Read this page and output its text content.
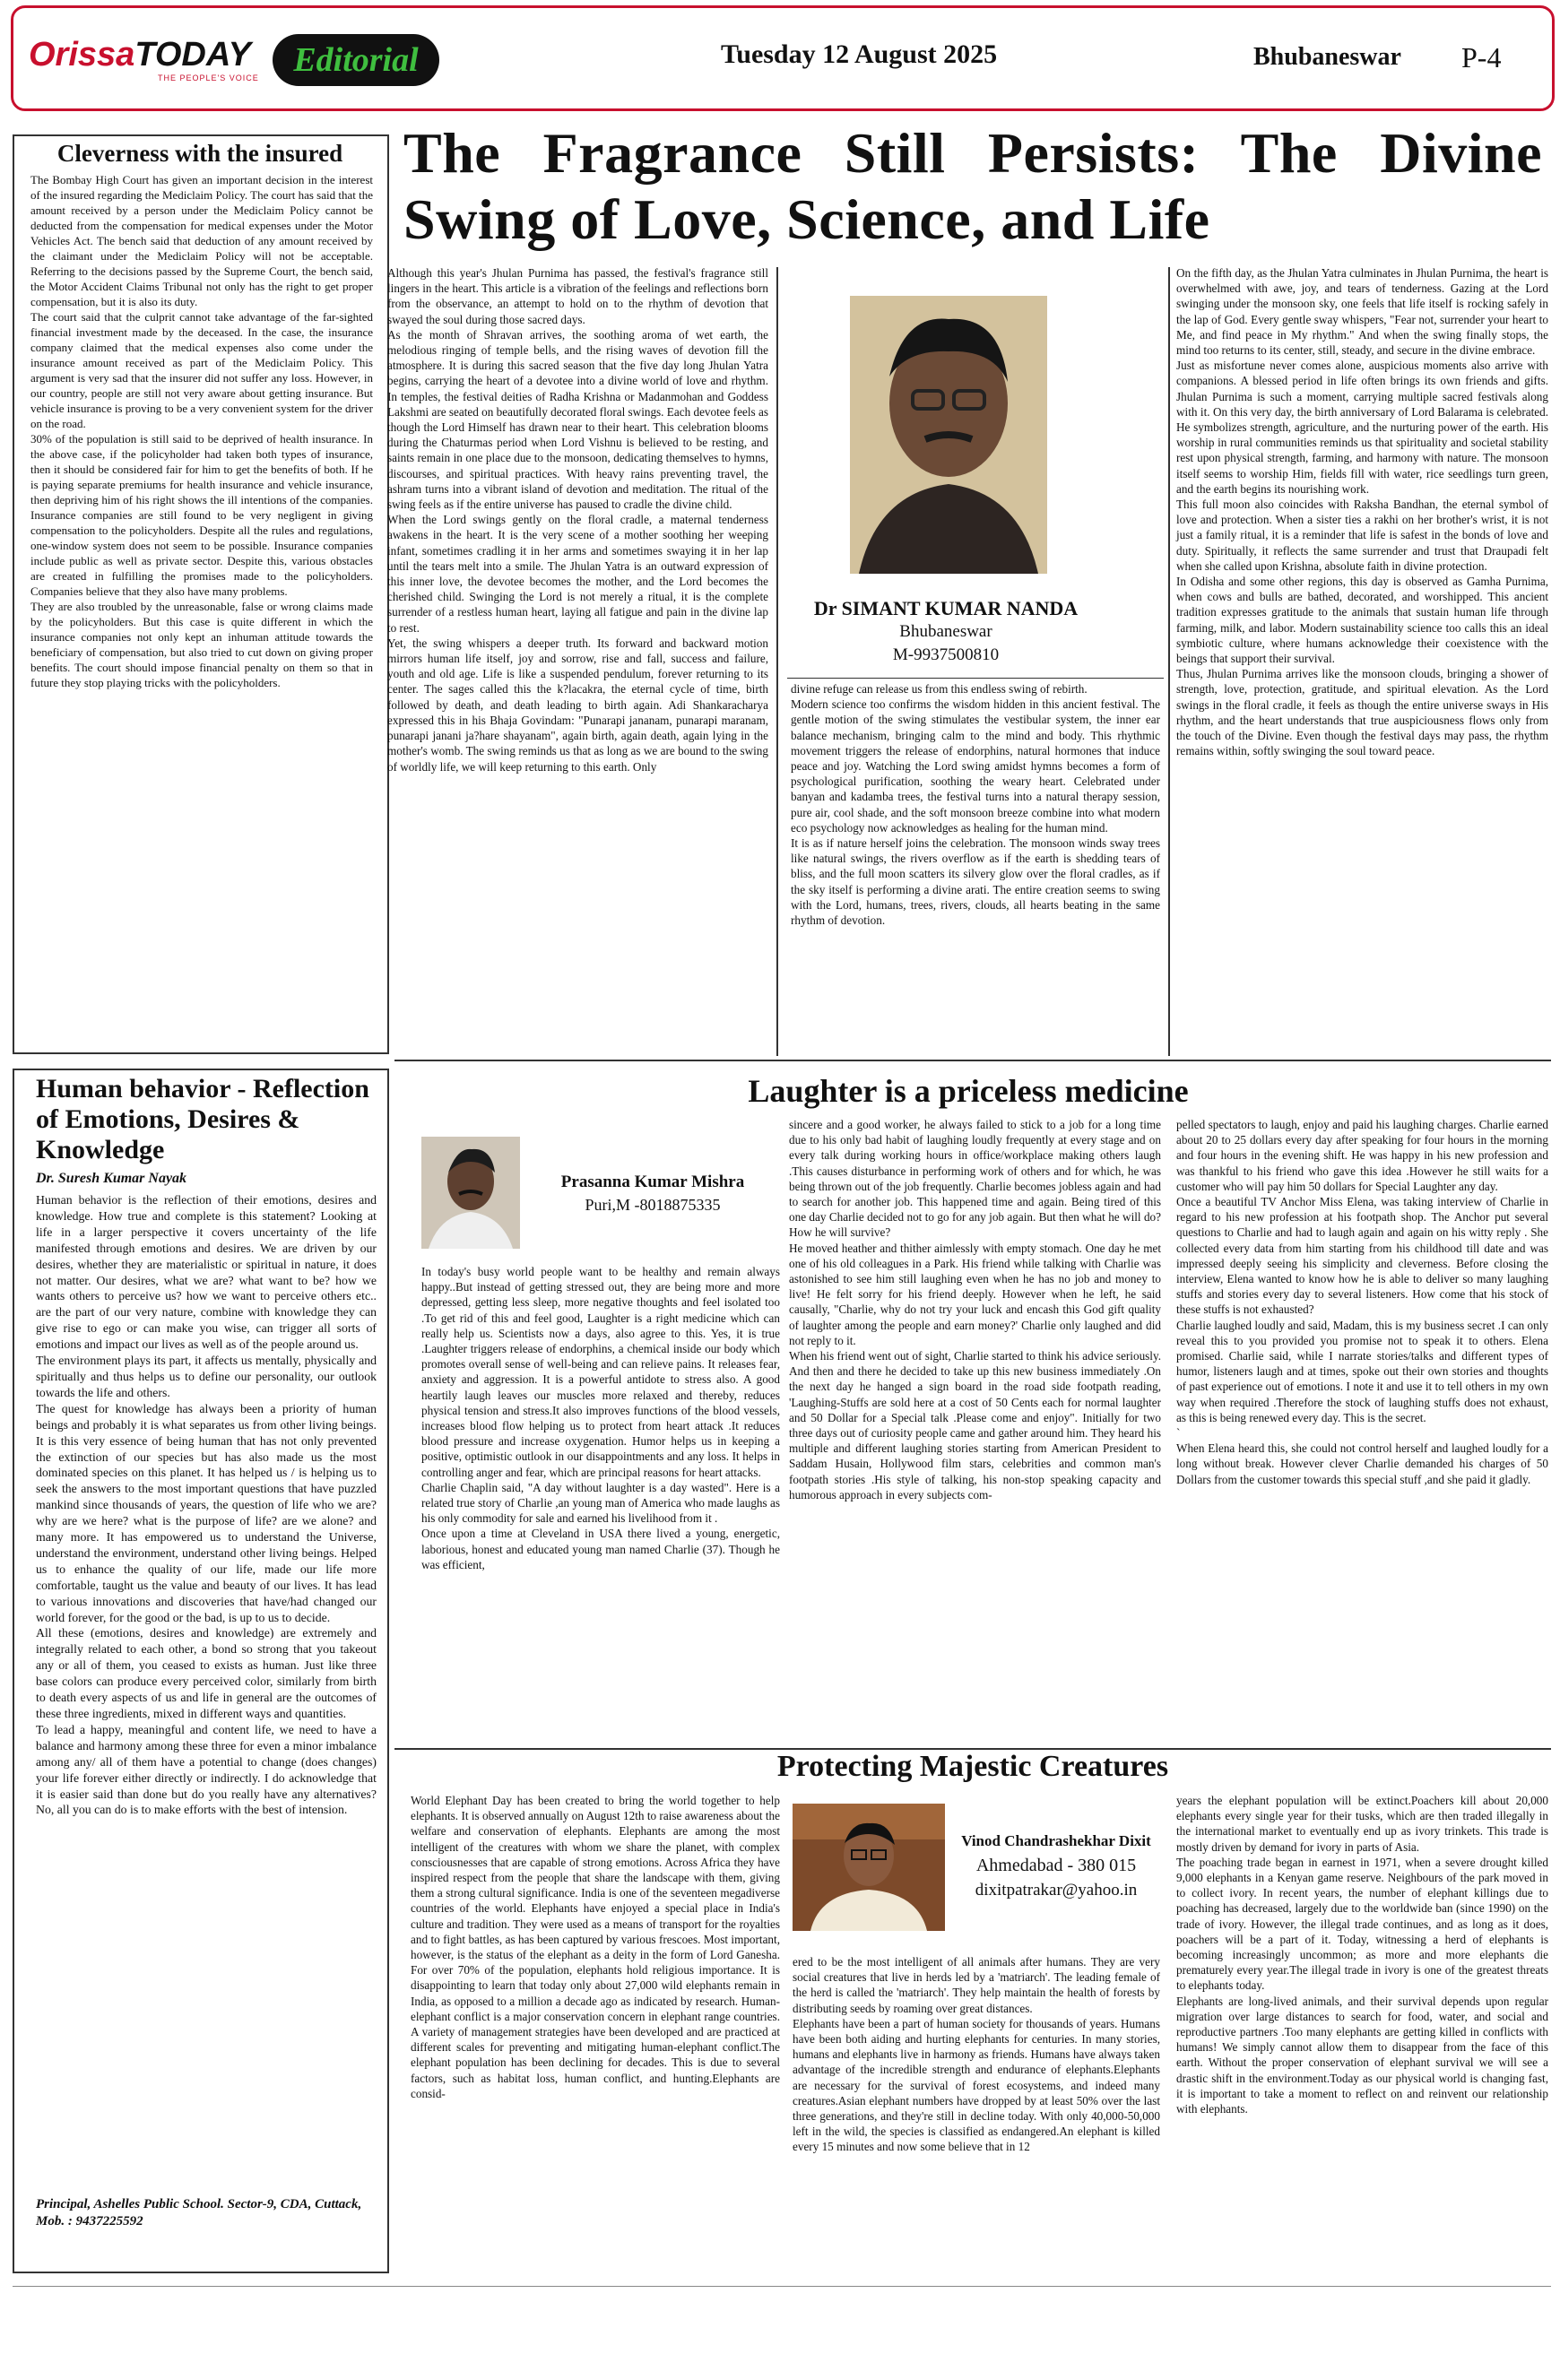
OrissaTODAY
THE PEOPLE'S VOICE	Editorial	Tuesday 12 August 2025	Bhubaneswar P-4
Cleverness with the insured
The Bombay High Court has given an important decision in the interest of the insured regarding the Mediclaim Policy. The court has said that the amount received by a person under the Mediclaim Policy cannot be deducted from the compensation for medical expenses under the Motor Vehicles Act. The bench said that deduction of any amount received by the claimant under the Mediclaim Policy will not be acceptable. Referring to the decisions passed by the Supreme Court, the bench said, the Motor Accident Claims Tribunal not only has the right to get proper compensation, but it is also its duty.
The court said that the culprit cannot take advantage of the far-sighted financial investment made by the deceased. In the case, the insurance company claimed that the medical expenses also come under the insurance amount received as part of the Mediclaim Policy. This argument is very sad that the insurer did not suffer any loss. However, in our country, people are still not very aware about getting insurance. But vehicle insurance is proving to be a very convenient system for the driver on the road.
30% of the population is still said to be deprived of health insurance. In the above case, if the policyholder had taken both types of insurance, then it should be considered fair for him to get the benefits of both. If he is paying separate premiums for health insurance and vehicle insurance, then depriving him of his right shows the ill intentions of the companies. Insurance companies are still found to be very negligent in giving compensation to the policyholders. Despite all the rules and regulations, one-window system does not seem to be possible. Insurance companies include public as well as private sector. Despite this, various obstacles are created in fulfilling the promises made to the policyholders. Companies believe that they also have many problems.
They are also troubled by the unreasonable, false or wrong claims made by the policyholders. But this case is quite different in which the insurance companies not only kept an inhuman attitude towards the beneficiary of compensation, but also tried to cut down on giving proper benefits. The court should impose financial penalty on them so that in future they stop playing tricks with the policyholders.
The Fragrance Still Persists: The Divine Swing of Love, Science, and Life
Although this year's Jhulan Purnima has passed, the festival's fragrance still lingers in the heart. This article is a vibration of the feelings and reflections born from the observance, an attempt to hold on to the rhythm of devotion that swayed the soul during those sacred days.
As the month of Shravan arrives, the soothing aroma of wet earth, the melodious ringing of temple bells, and the rising waves of devotion fill the atmosphere. It is during this sacred season that the five day long Jhulan Yatra begins, carrying the heart of a devotee into a divine world of love and rhythm. In temples, the festival deities of Radha Krishna or Madanmohan and Goddess Lakshmi are seated on beautifully decorated floral swings. Each devotee feels as though the Lord Himself has drawn near to their heart. This celebration blooms during the Chaturmas period when Lord Vishnu is believed to be resting, and saints remain in one place due to the monsoon, dedicating themselves to hymns, discourses, and spiritual practices. With heavy rains preventing travel, the ashram turns into a vibrant island of devotion and meditation. The ritual of the swing feels as if the entire universe has paused to cradle the divine child.
When the Lord swings gently on the floral cradle, a maternal tenderness awakens in the heart. It is the very scene of a mother soothing her weeping infant, sometimes cradling it in her arms and sometimes swaying it in her lap until the tears melt into a smile. The Jhulan Yatra is an outward expression of this inner love, the devotee becomes the mother, and the Lord becomes the cherished child. Swinging the Lord is not merely a ritual, it is the complete surrender of a restless human heart, laying all fatigue and pain in the divine lap to rest.
Yet, the swing whispers a deeper truth. Its forward and backward motion mirrors human life itself, joy and sorrow, rise and fall, success and failure, youth and old age. Life is like a suspended pendulum, forever returning to its center. The sages called this the k?lacakra, the eternal cycle of time, birth followed by death, and death leading to birth again. Adi Shankaracharya expressed this in his Bhaja Govindam: "Punarapi jananam, punarapi maranam, punarapi janani ja?hare shayanam", again birth, again death, again lying in the mother's womb. The swing reminds us that as long as we are bound to the swing of worldly life, we will keep returning to this earth. Only
Dr SIMANT KUMAR NANDA
Bhubaneswar
M-9937500810
divine refuge can release us from this endless swing of rebirth.
Modern science too confirms the wisdom hidden in this ancient festival. The gentle motion of the swing stimulates the vestibular system, the inner ear balance mechanism, bringing calm to the mind and body. This rhythmic movement triggers the release of endorphins, natural hormones that induce peace and joy. Watching the Lord swing amidst hymns becomes a form of psychological purification, soothing the weary heart. Celebrated under banyan and kadamba trees, the festival turns into a natural therapy session, pure air, cool shade, and the soft monsoon breeze combine into what modern eco psychology now acknowledges as healing for the human mind.
It is as if nature herself joins the celebration. The monsoon winds sway trees like natural swings, the rivers overflow as if the earth is shedding tears of bliss, and the full moon scatters its silvery glow over the floral cradles, as if the sky itself is performing a divine arati. The entire creation seems to swing with the Lord, humans, trees, rivers, clouds, all hearts beating in the same rhythm of devotion.
On the fifth day, as the Jhulan Yatra culminates in Jhulan Purnima, the heart is overwhelmed with awe, joy, and tears of tenderness. Gazing at the Lord swinging under the monsoon sky, one feels that life itself is rocking safely in the lap of God. Every gentle sway whispers, "Fear not, surrender your heart to Me, and find peace in My rhythm." And when the swing finally stops, the mind too returns to its center, still, steady, and secure in the divine embrace.
Just as misfortune never comes alone, auspicious moments also arrive with companions. A blessed period in life often brings its own friends and gifts. Jhulan Purnima is such a moment, carrying multiple sacred festivals along with it. On this very day, the birth anniversary of Lord Balarama is celebrated. He symbolizes strength, agriculture, and the nurturing power of the earth. His worship in rural communities reminds us that spirituality and societal stability rest upon physical strength, farming, and harmony with nature. The monsoon itself seems to worship Him, fields fill with water, rice seedlings turn green, and the earth begins its nourishing work.
This full moon also coincides with Raksha Bandhan, the eternal symbol of love and protection. When a sister ties a rakhi on her brother's wrist, it is not just a family ritual, it is a reminder that life is safest in the bonds of love and duty. Spiritually, it reflects the same surrender and trust that Draupadi felt when she called upon Krishna, absolute faith in divine protection.
In Odisha and some other regions, this day is observed as Gamha Purnima, when cows and bulls are bathed, decorated, and worshipped. This ancient tradition expresses gratitude to the animals that sustain human life through farming, milk, and labor. Modern sustainability science too calls this an ideal symbiotic culture, where humans acknowledge their coexistence with the beings that support their survival.
Thus, Jhulan Purnima arrives like the monsoon clouds, bringing a shower of strength, love, protection, gratitude, and spiritual elevation. As the Lord swings in the floral cradle, it feels as though the entire universe sways in His rhythm, and the heart understands that true auspiciousness flows only from the touch of the Divine. Even though the festival days may pass, the rhythm remains within, softly swinging the soul toward peace.
Human behavior - Reflection of Emotions, Desires & Knowledge
Dr. Suresh Kumar Nayak
Human behavior is the reflection of their emotions, desires and knowledge. How true and complete is this statement? Looking at life in a larger perspective it covers uncertainty of the life manifested through emotions and desires. We are driven by our desires, whether they are materialistic or spiritual in nature, it does not matter. Our desires, what we are? what want to be? how we wants others to perceive us? how we want to perceive others etc.. are the part of our very nature, combine with knowledge they can give rise to ego or can make you wise, can trigger all sorts of emotions and impact our lives as well as of the people around us.
The environment plays its part, it affects us mentally, physically and spiritually and thus helps us to define our personality, our outlook towards the life and others.
The quest for knowledge has always been a priority of human beings and probably it is what separates us from other living beings. It is this very essence of being human that has not only prevented the extinction of our species but has also made us the most dominated species on this planet. It has helped us / is helping us to seek the answers to the most important questions that have puzzled mankind since thousands of years, the question of life who we are? why are we here? what is the purpose of life? are we alone? and many more. It has empowered us to understand the Universe, understand the environment, understand other living beings. Helped us to enhance the quality of our life, made our life more comfortable, taught us the value and beauty of our lives. It has lead to various innovations and discoveries that have/had changed our world forever, for the good or the bad, is up to us to decide.
All these (emotions, desires and knowledge) are extremely and integrally related to each other, a bond so strong that you takeout any or all of them, you ceased to exists as human. Just like three base colors can produce every perceived color, similarly from birth to death every aspects of us and life in general are the outcomes of these three ingredients, mixed in different ways and quantities.
To lead a happy, meaningful and content life, we need to have a balance and harmony among these three for even a minor imbalance among any/ all of them have a potential to change (does changes) your life forever either directly or indirectly. I do acknowledge that it is easier said than done but do you really have any alternatives? No, all you can do is to make efforts with the best of intension.
Principal, Ashelles Public School. Sector-9, CDA, Cuttack, Mob. : 9437225592
Laughter is a priceless medicine
Prasanna Kumar Mishra
Puri,M -8018875335
In today's busy world people want to be healthy and remain always happy..But instead of getting stressed out, they are being more and more depressed, getting less sleep, more negative thoughts and feel isolated too .To get rid of this and feel good, Laughter is a right medicine which can really help us. Scientists now a days, also agree to this. Yes, it is true .Laughter triggers release of endorphins, a chemical inside our body which promotes overall sense of well-being and can relieve pains. It releases fear, anxiety and aggression. It is a powerful antidote to stress also. A good heartily laugh leaves our muscles more relaxed and thereby, reduces physical tension and stress.It also improves functions of the blood vessels, increases blood flow helping us to protect from heart attack .It reduces blood pressure and increase oxygenation. Humor helps us in keeping a positive, optimistic outlook in our disappointments and any loss. It helps in controlling anger and fear, which are principal reasons for heart attacks.
Charlie Chaplin said, "A day without laughter is a day wasted". Here is a related true story of Charlie ,an young man of America who made laughs as his only commodity for sale and earned his livelihood from it .
Once upon a time at Cleveland in USA there lived a young, energetic, laborious, honest and educated young man named Charlie (37). Though he was efficient,
sincere and a good worker, he always failed to stick to a job for a long time due to his only bad habit of laughing loudly frequently at every stage and on every talk during working hours in office/workplace making others laugh .This causes disturbance in performing work of others and for which, he was being thrown out of the job frequently. Charlie becomes jobless again and had to search for another job. This happened time and again. Being tired of this one day Charlie decided not to go for any job again. But then what he will do? How he will survive?
He moved heather and thither aimlessly with empty stomach. One day he met one of his old colleagues in a Park. His friend while talking with Charlie was astonished to see him still laughing even when he has no job and money to live! He felt sorry for his friend deeply. However when he left, he said causally, "Charlie, why do not try your luck and encash this God gift quality of laughter among the people and earn money?' Charlie only laughed and did not reply to it.
When his friend went out of sight, Charlie started to think his advice seriously. And then and there he decided to take up this new business immediately .On the next day he hanged a sign board in the road side footpath reading, 'Laughing-Stuffs are sold here at a cost of 50 Cents each for normal laughter and 50 Dollar for a Special talk .Please come and enjoy". Initially for two three days out of curiosity people came and gather around him. They heard his multiple and different laughing stories starting from American President to Saddam Husain, Hollywood film stars, celebrities and common man's footpath stories .His style of talking, his non-stop speaking capacity and humorous approach in every subjects com-
pelled spectators to laugh, enjoy and paid his laughing charges. Charlie earned about 20 to 25 dollars every day after speaking for four hours in the morning and four hours in the evening shift. He was happy in his new profession and was thankful to his friend who gave this idea .However he still waits for a customer who will pay him 50 dollars for Special Laughter any day.
Once a beautiful TV Anchor Miss Elena, was taking interview of Charlie in regard to his new profession at his footpath shop. The Anchor put several questions to Charlie and had to laugh again and again on his witty reply . She collected every data from him starting from his childhood till date and was impressed deeply seeing his simplicity and cleverness. Before closing the interview, Elena wanted to know how he is able to deliver so many laughing stuffs and stories every day to several listeners. How come that his stock of these stuffs is not exhausted?
Charlie laughed loudly and said, Madam, this is my business secret .I can only reveal this to you provided you promise not to speak it to others. Elena promised. Charlie said, while I narrate stories/talks and different types of humor, listeners laugh and at times, spoke out their own stories and thoughts of past experience out of emotions. I note it and use it to tell others in my own way when required .Therefore the stock of laughing stuffs does not exhaust, as this is being renewed every day. This is the secret.
`
When Elena heard this, she could not control herself and laughed loudly for a long without break. However clever Charlie demanded his charges of 50 Dollars from the customer towards this special stuff ,and she paid it gladly.
Protecting Majestic Creatures
World Elephant Day has been created to bring the world together to help elephants. It is observed annually on August 12th to raise awareness about the welfare and conservation of elephants. Elephants are among the most intelligent of the creatures with whom we share the planet, with complex consciousnesses that are capable of strong emotions. Across Africa they have inspired respect from the people that share the landscape with them, giving them a strong cultural significance. India is one of the seventeen megadiverse countries of the world. Elephants have enjoyed a special place in India's culture and tradition. They were used as a means of transport for the royalties and to fight battles, as has been captured by various frescoes. Most important, however, is the status of the elephant as a deity in the form of Lord Ganesha. For over 70% of the population, elephants hold religious importance. It is disappointing to learn that today only about 27,000 wild elephants remain in India, as opposed to a million a decade ago as indicated by research. Human-elephant conflict is a major conservation concern in elephant range countries. A variety of management strategies have been developed and are practiced at different scales for preventing and mitigating human-elephant conflict.The elephant population has been declining for decades. This is due to several factors, such as habitat loss, human conflict, and hunting.Elephants are consid-
Vinod Chandrashekhar Dixit
Ahmedabad - 380 015
dixitpatrakar@yahoo.in
ered to be the most intelligent of all animals after humans. They are very social creatures that live in herds led by a 'matriarch'. The leading female of the herd is called the 'matriarch'. They help maintain the health of forests by distributing seeds by roaming over great distances.
Elephants have been a part of human society for thousands of years. Humans have been both aiding and hurting elephants for centuries. In many stories, humans and elephants live in harmony as friends. Humans have always taken advantage of the incredible strength and endurance of elephants.Elephants are necessary for the survival of forest ecosystems, and indeed many creatures.Asian elephant numbers have dropped by at least 50% over the last three generations, and they're still in decline today. With only 40,000-50,000 left in the wild, the species is classified as endangered.An elephant is killed every 15 minutes and now some believe that in 12
years the elephant population will be extinct.Poachers kill about 20,000 elephants every single year for their tusks, which are then traded illegally in the international market to eventually end up as ivory trinkets. This trade is mostly driven by demand for ivory in parts of Asia.
The poaching trade began in earnest in 1971, when a severe drought killed 9,000 elephants in a Kenyan game reserve. Neighbours of the park moved in to collect ivory. In recent years, the number of elephant killings due to poaching has decreased, largely due to the worldwide ban (since 1990) on the trade of ivory. However, the illegal trade continues, and as long as it does, poachers will be a part of it. Today, witnessing a herd of elephants is becoming increasingly uncommon; as more and more elephants die prematurely every year.The illegal trade in ivory is one of the greatest threats to elephants today.
Elephants are long-lived animals, and their survival depends upon regular migration over large distances to search for food, water, and social and reproductive partners .Too many elephants are getting killed in conflicts with humans! We simply cannot allow them to disappear from the face of this earth. Without the proper conservation of elephant survival we will see a drastic shift in the environment.Today as our physical world is changing fast, it is important to take a moment to reflect on and reinvent our relationship with elephants.
